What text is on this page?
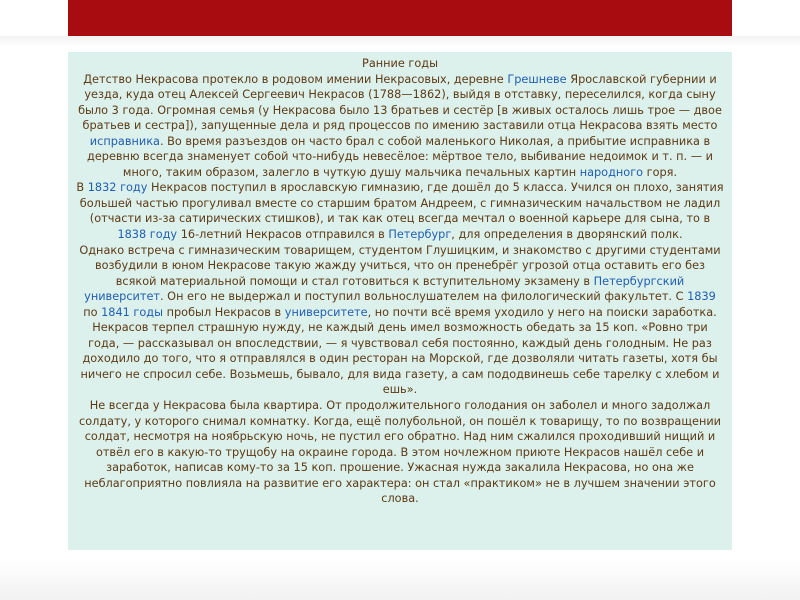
Ранние годы

Детство Некрасова протекло в родовом имении Некрасовых, деревне Грешневе Ярославской губернии и уезда, куда отец Алексей Сергеевич Некрасов (1788—1862), выйдя в отставку, переселился, когда сыну было 3 года. Огромная семья (у Некрасова было 13 братьев и сестёр [в живых осталось лишь трое — двое братьев и сестра]), запущенные дела и ряд процессов по имению заставили отца Некрасова взять место исправника. Во время разъездов он часто брал с собой маленького Николая, а прибытие исправника в деревню всегда знаменует собой что-нибудь невесёлое: мёртвое тело, выбивание недоимок и т. п. — и много, таким образом, залегло в чуткую душу мальчика печальных картин народного горя.

В 1832 году Некрасов поступил в ярославскую гимназию, где дошёл до 5 класса. Учился он плохо, занятия большей частью прогуливал вместе со старшим братом Андреем, с гимназическим начальством не ладил (отчасти из-за сатирических стишков), и так как отец всегда мечтал о военной карьере для сына, то в 1838 году 16-летний Некрасов отправился в Петербург, для определения в дворянский полк.

Однако встреча с гимназическим товарищем, студентом Глушицким, и знакомство с другими студентами возбудили в юном Некрасове такую жажду учиться, что он пренебрёг угрозой отца оставить его без всякой материальной помощи и стал готовиться к вступительному экзамену в Петербургский университет. Он его не выдержал и поступил вольнослушателем на филологический факультет. С 1839 по 1841 годы пробыл Некрасов в университете, но почти всё время уходило у него на поиски заработка. Некрасов терпел страшную нужду, не каждый день имел возможность обедать за 15 коп. «Ровно три года, — рассказывал он впоследствии, — я чувствовал себя постоянно, каждый день голодным. Не раз доходило до того, что я отправлялся в один ресторан на Морской, где дозволяли читать газеты, хотя бы ничего не спросил себе. Возьмешь, бывало, для вида газету, а сам пододвинешь себе тарелку с хлебом и ешь».

Не всегда у Некрасова была квартира. От продолжительного голодания он заболел и много задолжал солдату, у которого снимал комнатку. Когда, ещё полубольной, он пошёл к товарищу, то по возвращении солдат, несмотря на ноябрьскую ночь, не пустил его обратно. Над ним сжалился проходивший нищий и отвёл его в какую-то трущобу на окраине города. В этом ночлежном приюте Некрасов нашёл себе и заработок, написав кому-то за 15 коп. прошение. Ужасная нужда закалила Некрасова, но она же неблагоприятно повлияла на развитие его характера: он стал «практиком» не в лучшем значении этого слова.
